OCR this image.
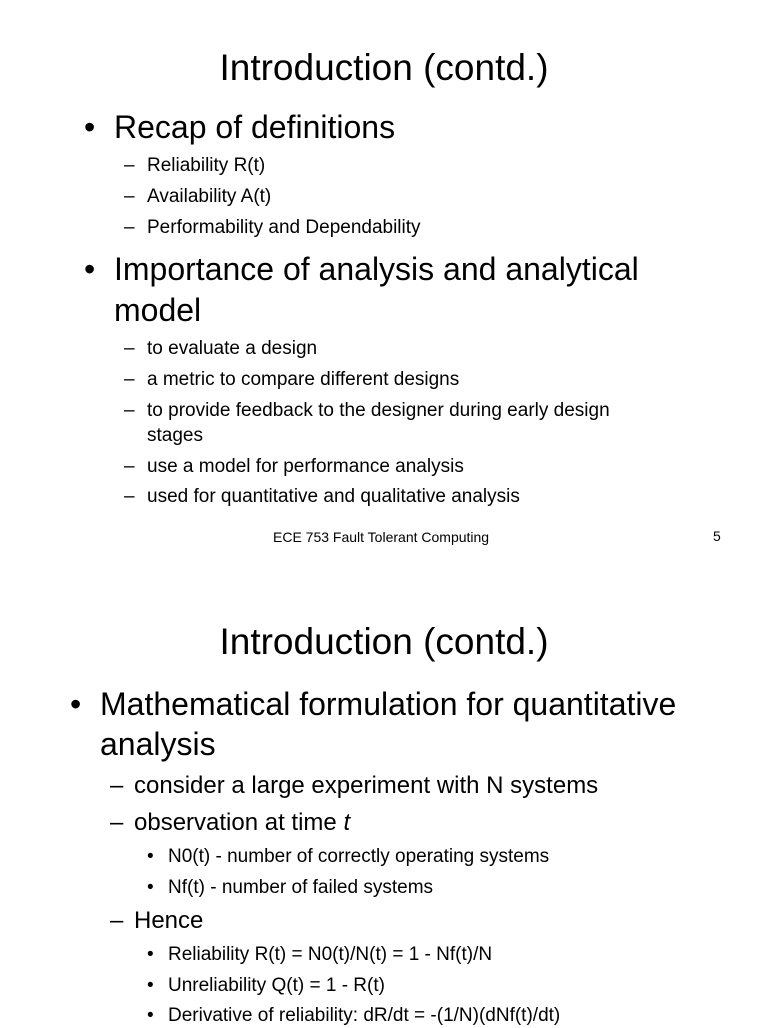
Introduction (contd.)
• Recap of definitions
– Reliability R(t)
– Availability A(t)
– Performability and Dependability
• Importance of analysis and analytical
model
– to evaluate a design
– a metric to compare different designs
– to provide feedback to the designer during early design
stages
– use a model for performance analysis
– used for quantitative and qualitative analysis
ECE 753 Fault Tolerant Computing	5
Introduction (contd.)
• Mathematical formulation for quantitative
analysis
– consider a large experiment with N systems
– observation at time t
• N0(t) - number of correctly operating systems
• Nf(t) - number of failed systems
– Hence
• Reliability R(t) = N0(t)/N(t) = 1 - Nf(t)/N
• Unreliability Q(t) = 1 - R(t)
• Derivative of reliability: dR/dt = -(1/N)(dNf(t)/dt)
